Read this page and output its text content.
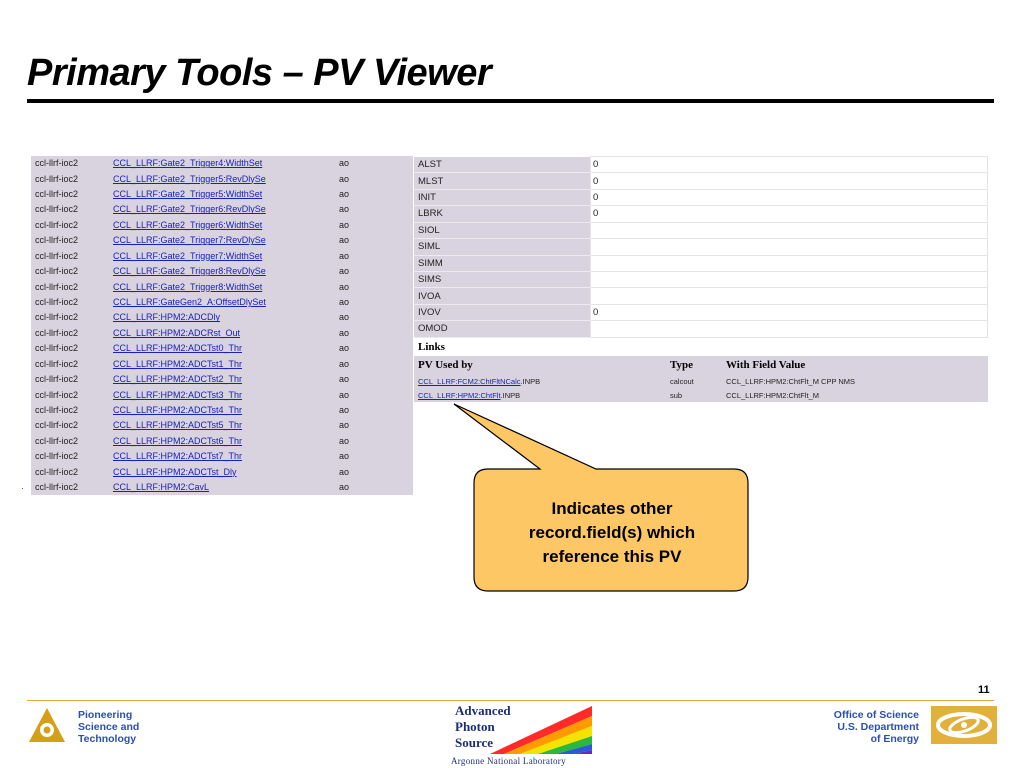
Primary Tools – PV Viewer
ccl-llrf-ioc2	CCL_LLRF:Gate2_Trigger4:WidthSet	ao
ccl-llrf-ioc2	CCL_LLRF:Gate2_Trigger5:RevDlySe	ao
ccl-llrf-ioc2	CCL_LLRF:Gate2_Trigger5:WidthSet	ao
ccl-llrf-ioc2	CCL_LLRF:Gate2_Trigger6:RevDlySe	ao
ccl-llrf-ioc2	CCL_LLRF:Gate2_Trigger6:WidthSet	ao
ccl-llrf-ioc2	CCL_LLRF:Gate2_Trigger7:RevDlySe	ao
ccl-llrf-ioc2	CCL_LLRF:Gate2_Trigger7:WidthSet	ao
ccl-llrf-ioc2	CCL_LLRF:Gate2_Trigger8:RevDlySe	ao
ccl-llrf-ioc2	CCL_LLRF:Gate2_Trigger8:WidthSet	ao
ccl-llrf-ioc2	CCL_LLRF:GateGen2_A:OffsetDlySet	ao
ccl-llrf-ioc2	CCL_LLRF:HPM2:ADCDly	ao
ccl-llrf-ioc2	CCL_LLRF:HPM2:ADCRst_Out	ao
ccl-llrf-ioc2	CCL_LLRF:HPM2:ADCTst0_Thr	ao
ccl-llrf-ioc2	CCL_LLRF:HPM2:ADCTst1_Thr	ao
ccl-llrf-ioc2	CCL_LLRF:HPM2:ADCTst2_Thr	ao
ccl-llrf-ioc2	CCL_LLRF:HPM2:ADCTst3_Thr	ao
ccl-llrf-ioc2	CCL_LLRF:HPM2:ADCTst4_Thr	ao
ccl-llrf-ioc2	CCL_LLRF:HPM2:ADCTst5_Thr	ao
ccl-llrf-ioc2	CCL_LLRF:HPM2:ADCTst6_Thr	ao
ccl-llrf-ioc2	CCL_LLRF:HPM2:ADCTst7_Thr	ao
ccl-llrf-ioc2	CCL_LLRF:HPM2:ADCTst_Dly	ao
ccl-llrf-ioc2	CCL_LLRF:HPM2:CavL	ao
ALST	0
MLST	0
INIT	0
LBRK	0
SIOL	
SIML	
SIMM	
SIMS	
IVOA	
IVOV	0
OMOD	
Links
PV Used by	Type	With Field Value
CCL_LLRF:FCM2:ChtFltNCalc.INPB	calcout	CCL_LLRF:HPM2:ChtFlt_M CPP NMS
CCL_LLRF:HPM2:ChtFlt.INPB	sub	CCL_LLRF:HPM2:ChtFlt_M
Indicates other
record.field(s) which
reference this PV
11
Pioneering
Science and
Technology
Advanced
Photon
Source
Argonne National Laboratory
Office of Science
U.S. Department
of Energy
